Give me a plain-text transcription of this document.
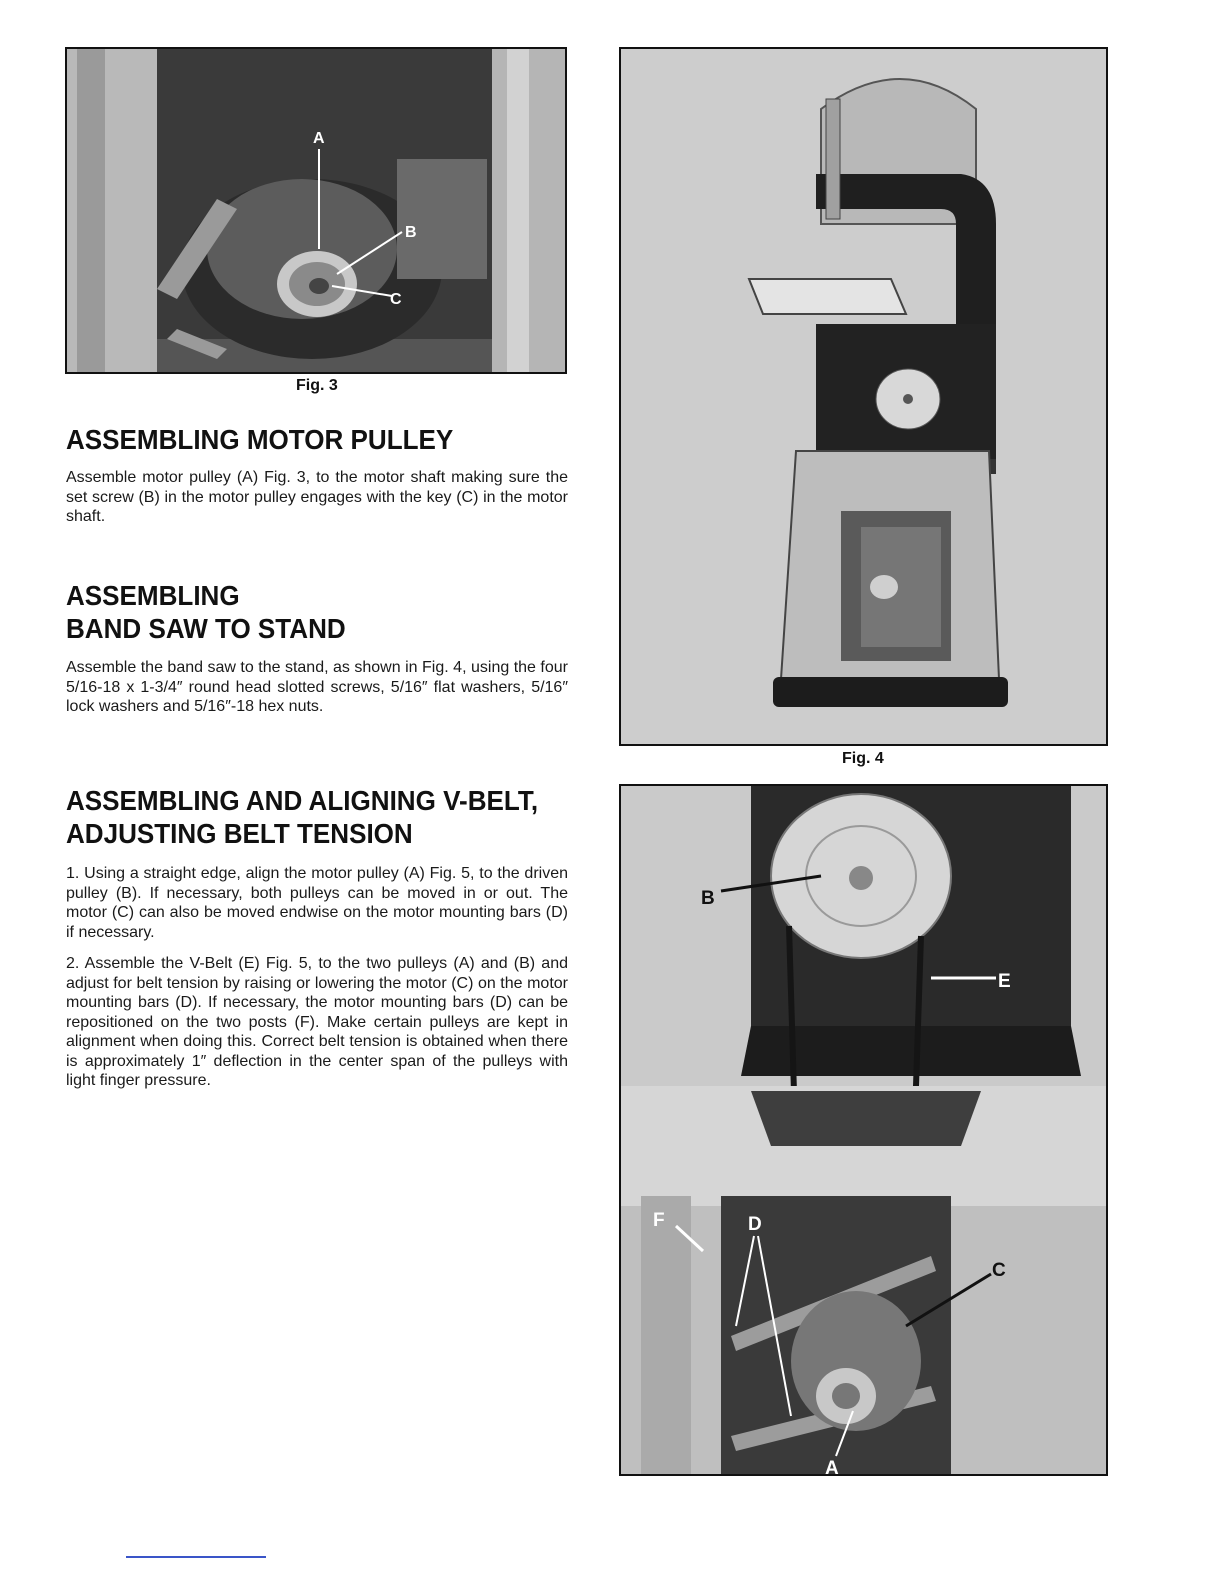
A
B
C
Fig. 3
Fig. 4
B
E
F	D
C
A
ASSEMBLING MOTOR PULLEY

Assemble motor pulley (A) Fig. 3, to the motor shaft making sure the set screw (B) in the motor pulley engages with the key (C) in the motor shaft.

ASSEMBLING
BAND SAW TO STAND

Assemble the band saw to the stand, as shown in Fig. 4, using the four 5/16-18 x 1-3/4″ round head slotted screws, 5/16″ flat washers, 5/16″ lock washers and 5/16″-18 hex nuts.

ASSEMBLING AND ALIGNING V-BELT,
ADJUSTING BELT TENSION

1. Using a straight edge, align the motor pulley (A) Fig. 5, to the driven pulley (B). If necessary, both pulleys can be moved in or out. The motor (C) can also be moved endwise on the motor mounting bars (D) if necessary.

2. Assemble the V-Belt (E) Fig. 5, to the two pulleys (A) and (B) and adjust for belt tension by raising or lowering the motor (C) on the motor mounting bars (D). If necessary, the motor mounting bars (D) can be repositioned on the two posts (F). Make certain pulleys are kept in alignment when doing this. Correct belt tension is obtained when there is approximately 1″ deflection in the center span of the pulleys with light finger pressure.
